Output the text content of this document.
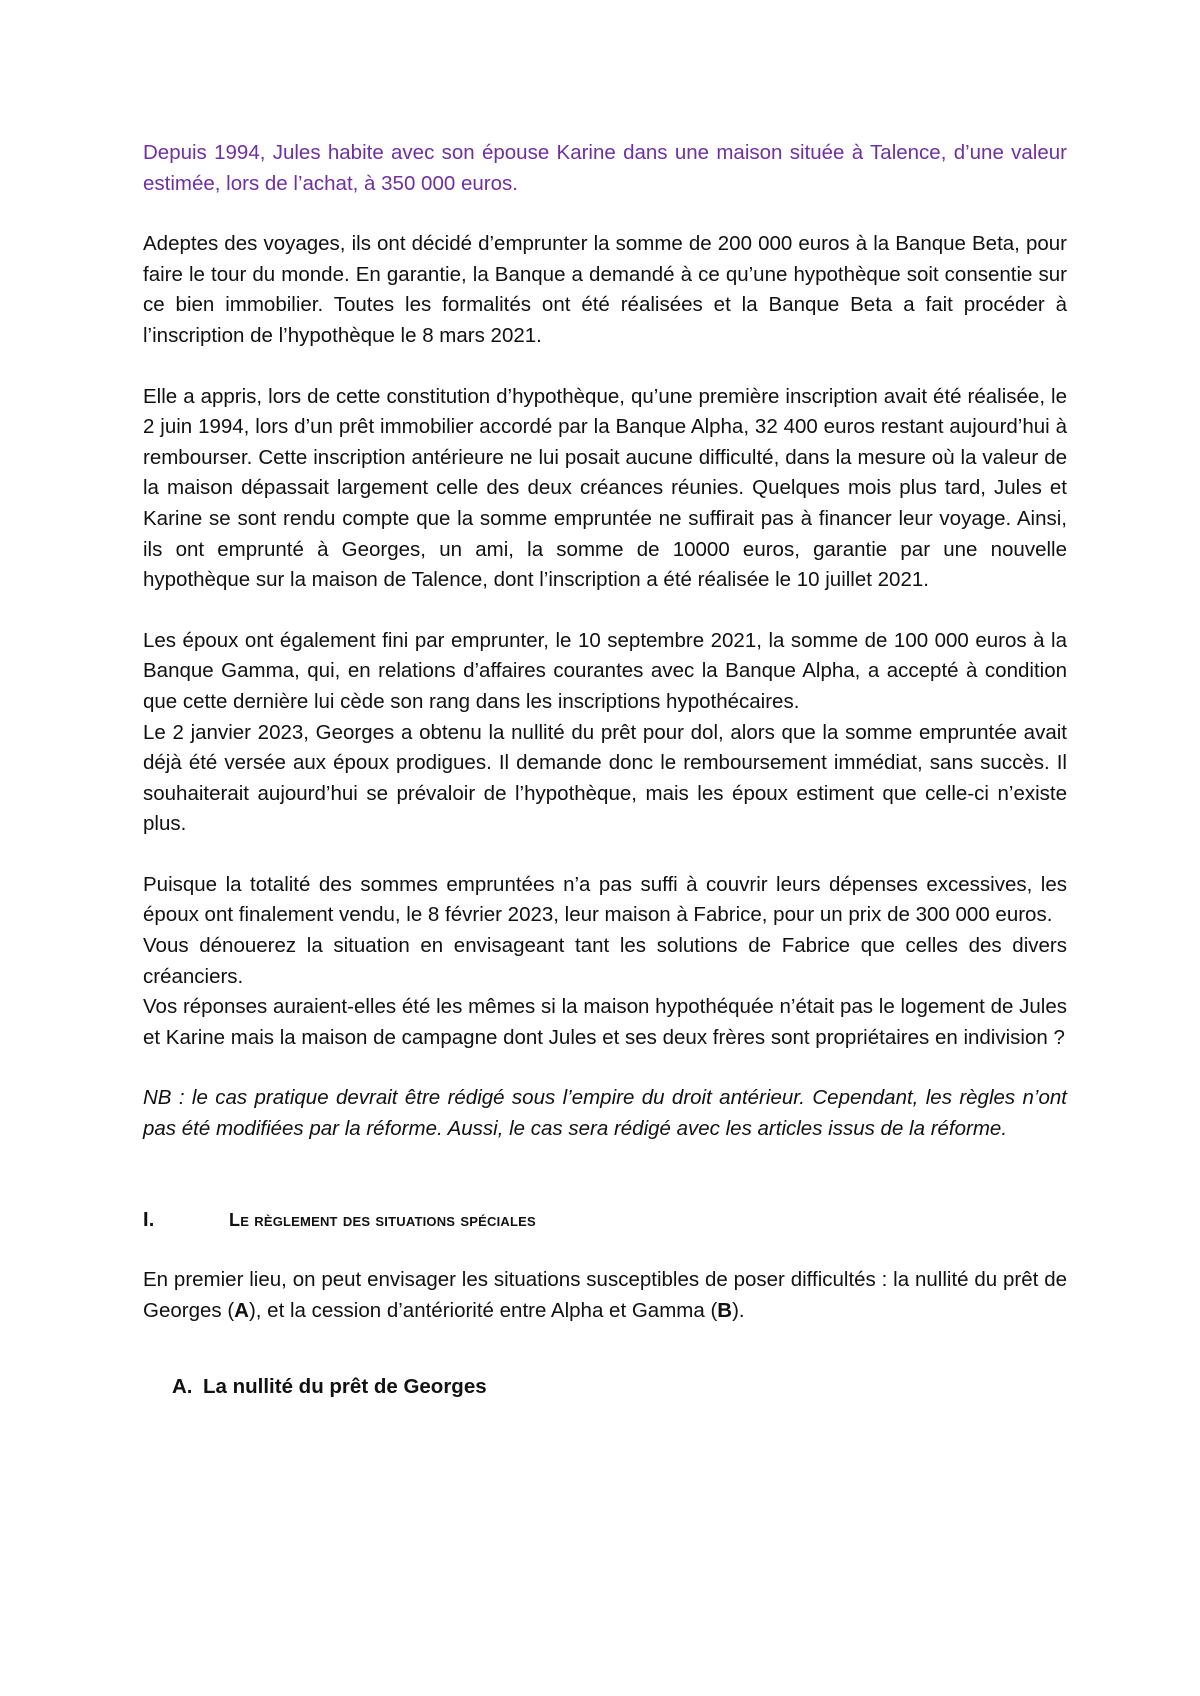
Depuis 1994, Jules habite avec son épouse Karine dans une maison située à Talence, d’une valeur estimée, lors de l’achat, à 350 000 euros.

Adeptes des voyages, ils ont décidé d’emprunter la somme de 200 000 euros à la Banque Beta, pour faire le tour du monde. En garantie, la Banque a demandé à ce qu’une hypothèque soit consentie sur ce bien immobilier. Toutes les formalités ont été réalisées et la Banque Beta a fait procéder à l’inscription de l’hypothèque le 8 mars 2021.

Elle a appris, lors de cette constitution d’hypothèque, qu’une première inscription avait été réalisée, le 2 juin 1994, lors d’un prêt immobilier accordé par la Banque Alpha, 32 400 euros restant aujourd’hui à rembourser. Cette inscription antérieure ne lui posait aucune difficulté, dans la mesure où la valeur de la maison dépassait largement celle des deux créances réunies. Quelques mois plus tard, Jules et Karine se sont rendu compte que la somme empruntée ne suffirait pas à financer leur voyage. Ainsi, ils ont emprunté à Georges, un ami, la somme de 10000 euros, garantie par une nouvelle hypothèque sur la maison de Talence, dont l’inscription a été réalisée le 10 juillet 2021.

Les époux ont également fini par emprunter, le 10 septembre 2021, la somme de 100 000 euros à la Banque Gamma, qui, en relations d’affaires courantes avec la Banque Alpha, a accepté à condition que cette dernière lui cède son rang dans les inscriptions hypothécaires.

Le 2 janvier 2023, Georges a obtenu la nullité du prêt pour dol, alors que la somme empruntée avait déjà été versée aux époux prodigues. Il demande donc le remboursement immédiat, sans succès. Il souhaiterait aujourd’hui se prévaloir de l’hypothèque, mais les époux estiment que celle-ci n’existe plus.

Puisque la totalité des sommes empruntées n’a pas suffi à couvrir leurs dépenses excessives, les époux ont finalement vendu, le 8 février 2023, leur maison à Fabrice, pour un prix de 300 000 euros.

Vous dénouerez la situation en envisageant tant les solutions de Fabrice que celles des divers créanciers.

Vos réponses auraient-elles été les mêmes si la maison hypothéquée n’était pas le logement de Jules et Karine mais la maison de campagne dont Jules et ses deux frères sont propriétaires en indivision ?

NB : le cas pratique devrait être rédigé sous l’empire du droit antérieur. Cependant, les règles n’ont pas été modifiées par la réforme. Aussi, le cas sera rédigé avec les articles issus de la réforme.

I.	Le règlement des situations spéciales

En premier lieu, on peut envisager les situations susceptibles de poser difficultés : la nullité du prêt de Georges (A), et la cession d’antériorité entre Alpha et Gamma (B).

A. La nullité du prêt de Georges
